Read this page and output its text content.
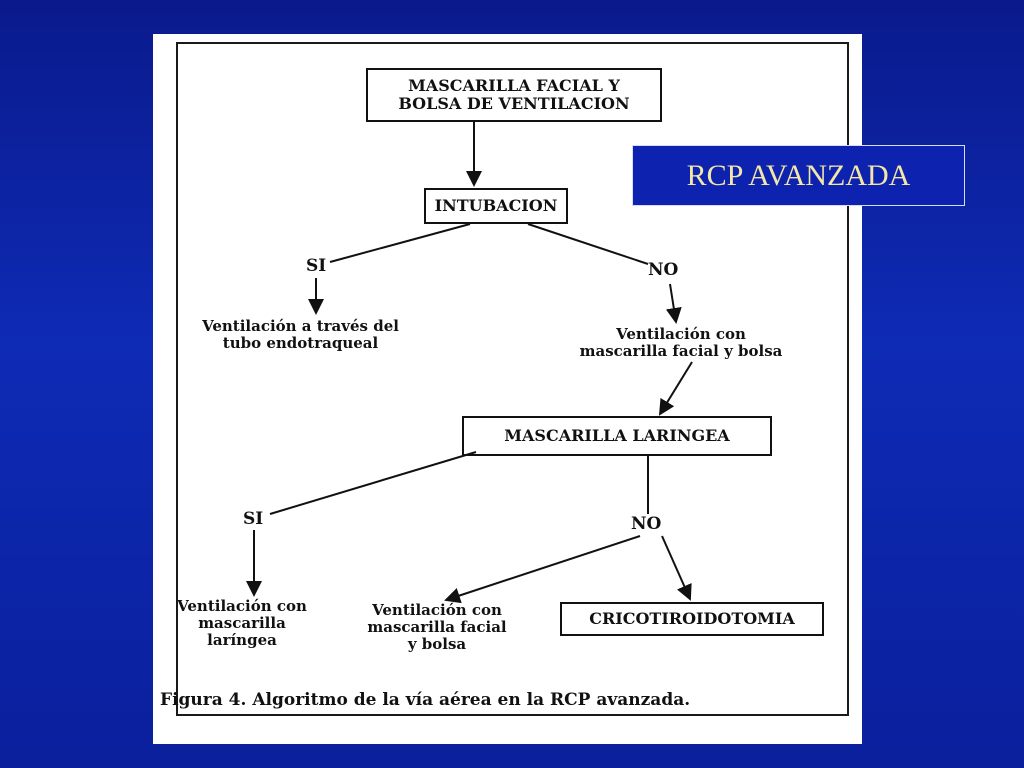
MASCARILLA FACIAL Y
BOLSA DE VENTILACION
INTUBACION
SI	NO
Ventilación a través del
tubo endotraqueal	Ventilación con
mascarilla facial y bolsa
MASCARILLA LARINGEA
SI	NO
Ventilación con
mascarilla
laríngea
Ventilación con
mascarilla facial
y bolsa
CRICOTIROIDOTOMIA
Figura 4. Algoritmo de la vía aérea en la RCP avanzada.
RCP AVANZADA
